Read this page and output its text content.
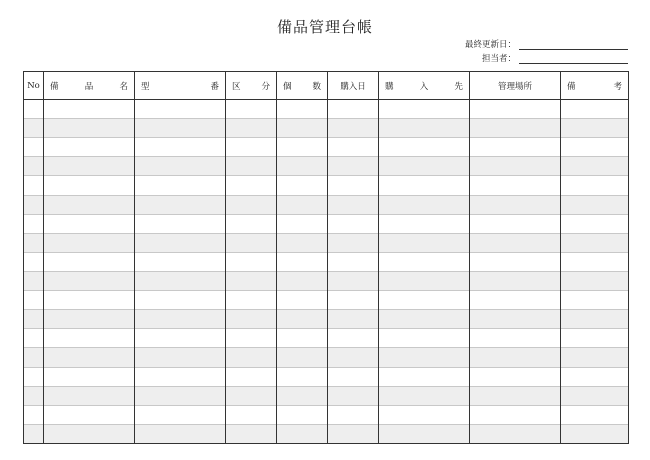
備品管理台帳
最終更新日：
担当者：
No	備 品 名	型 番	区 分	個 数	購入日	購 入 先	管理場所	備 考
